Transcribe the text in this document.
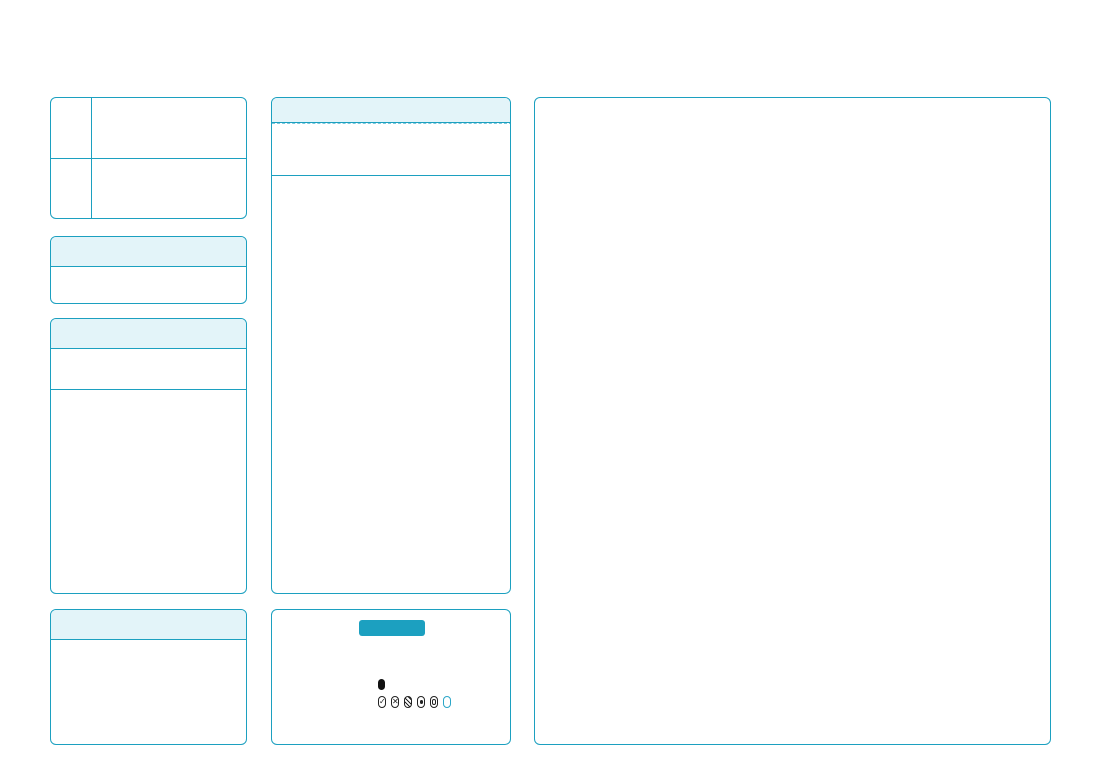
✓ ✕
